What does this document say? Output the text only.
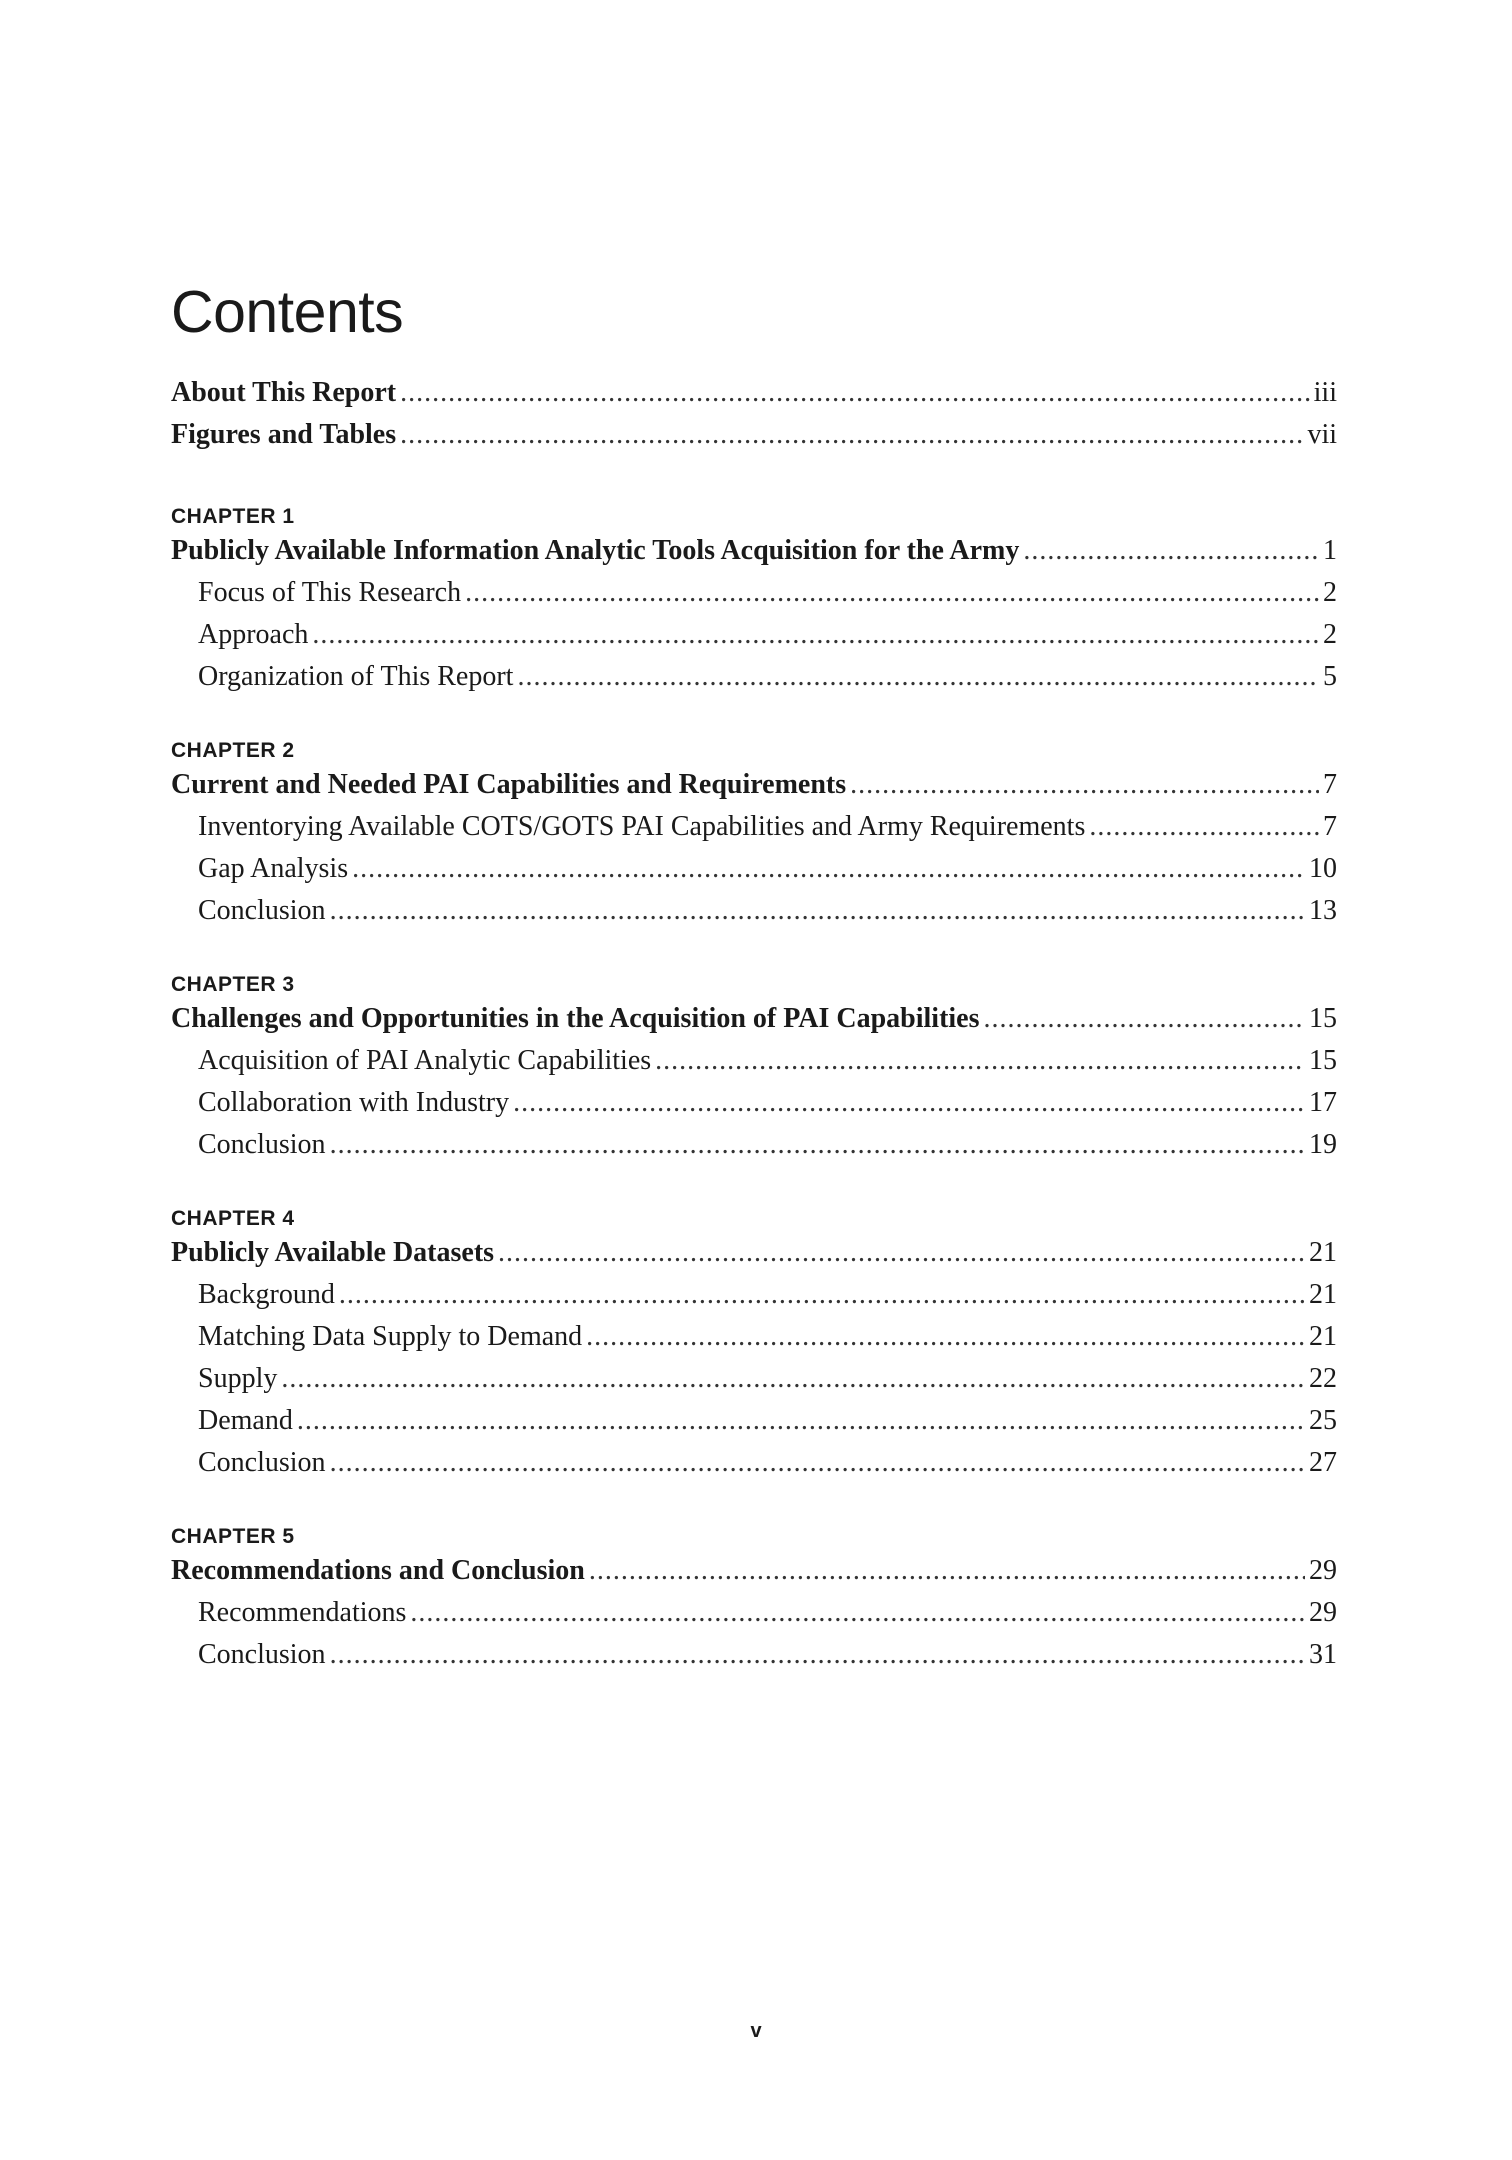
Contents
About This Report . . .	iii
Figures and Tables . . .	vii
CHAPTER 1
Publicly Available Information Analytic Tools Acquisition for the Army . . .	1
Focus of This Research . . .	2
Approach . . .	2
Organization of This Report . . .	5
CHAPTER 2
Current and Needed PAI Capabilities and Requirements . . .	7
Inventorying Available COTS/GOTS PAI Capabilities and Army Requirements . . .	7
Gap Analysis . . .	10
Conclusion . . .	13
CHAPTER 3
Challenges and Opportunities in the Acquisition of PAI Capabilities . . .	15
Acquisition of PAI Analytic Capabilities . . .	15
Collaboration with Industry . . .	17
Conclusion . . .	19
CHAPTER 4
Publicly Available Datasets . . .	21
Background . . .	21
Matching Data Supply to Demand . . .	21
Supply . . .	22
Demand . . .	25
Conclusion . . .	27
CHAPTER 5
Recommendations and Conclusion . . .	29
Recommendations . . .	29
Conclusion . . .	31
v
